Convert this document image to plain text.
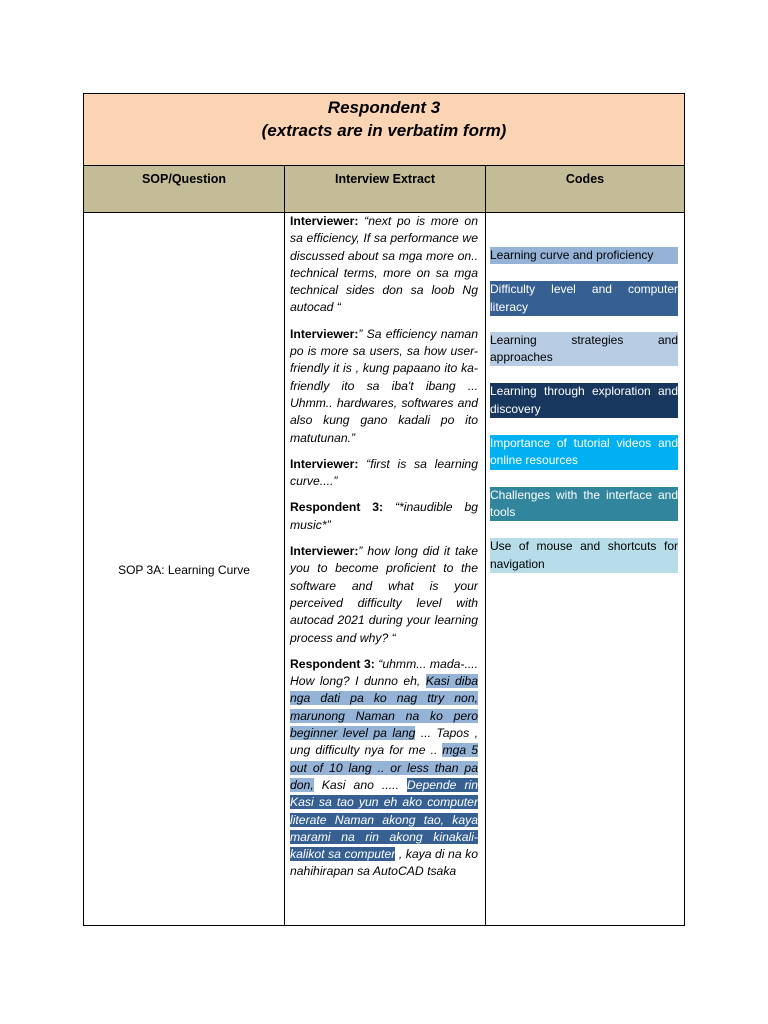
Respondent 3
(extracts are in verbatim form)
SOP/Question	Interview Extract	Codes
SOP 3A: Learning Curve

Interviewer: “next po is more on sa efficiency, If sa performance we discussed about sa mga more on.. technical terms, more on sa mga technical sides don sa loob Ng autocad “

Interviewer:” Sa efficiency naman po is more sa users, sa how user-friendly it is , kung papaano ito ka-friendly ito sa iba't ibang ... Uhmm.. hardwares, softwares and also kung gano kadali po ito matutunan.”

Interviewer: “first is sa learning curve....”

Respondent 3: “*inaudible bg music*”

Interviewer:” how long did it take you to become proficient to the software and what is your perceived difficulty level with autocad 2021 during your learning process and why? “

Respondent 3: “uhmm... mada-.... How long? I dunno eh, Kasi diba nga dati pa ko nag ttry non, marunong Naman na ko pero beginner level pa lang ... Tapos , ung difficulty nya for me .. mga 5 out of 10 lang .. or less than pa don, Kasi ano ..... Depende rin Kasi sa tao yun eh ako computer literate Naman akong tao, kaya marami na rin akong kinakali-kalikot sa computer , kaya di na ko nahihirapan sa AutoCAD tsaka

Learning curve and proficiency
Difficulty level and computer literacy
Learning strategies and approaches
Learning through exploration and discovery
Importance of tutorial videos and online resources
Challenges with the interface and tools
Use of mouse and shortcuts for navigation
